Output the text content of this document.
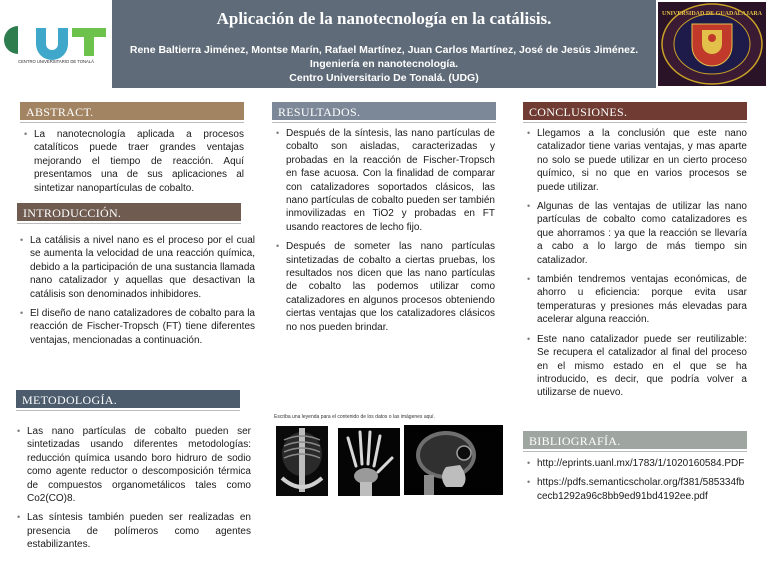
CENTRO UNIVERSITARIO DE TONALÁ
UNIVERSIDAD DE GUADALAJARA
Aplicación de la nanotecnología en la catálisis.
Rene Baltierra Jiménez, Montse Marín, Rafael Martínez, Juan Carlos Martínez, José de Jesús Jiménez.
Ingeniería en nanotecnología.
Centro Universitario De Tonalá. (UDG)
ABSTRACT.
• La nanotecnología aplicada a procesos catalíticos puede traer grandes ventajas mejorando el tiempo de reacción. Aquí presentamos una de sus aplicaciones al sintetizar nanopartículas de cobalto.
INTRODUCCIÓN.
• La catálisis a nivel nano es el proceso por el cual se aumenta la velocidad de una reacción química, debido a la participación de una sustancia llamada nano catalizador y aquellas que desactivan la catálisis son denominados inhibidores.
• El diseño de nano catalizadores de cobalto para la reacción de Fischer-Tropsch (FT) tiene diferentes ventajas, mencionadas a continuación.
METODOLOGÍA.
• Las nano partículas de cobalto pueden ser sintetizadas usando diferentes metodologías: reducción química usando boro hidruro de sodio como agente reductor o descomposición térmica de compuestos organometálicos tales como Co2(CO)8.
• Las síntesis también pueden ser realizadas en presencia de polímeros como agentes estabilizantes.
RESULTADOS.
• Después de la síntesis, las nano partículas de cobalto son aisladas, caracterizadas y probadas en la reacción de Fischer-Tropsch en fase acuosa. Con la finalidad de comparar con catalizadores soportados clásicos, las nano partículas de cobalto pueden ser también inmovilizadas en TiO2 y probadas en FT usando reactores de lecho fijo.
• Después de someter las nano partículas sintetizadas de cobalto a ciertas pruebas, los resultados nos dicen que las nano partículas de cobalto las podemos utilizar como catalizadores en algunos procesos obteniendo ciertas ventajas que los catalizadores clásicos no nos pueden brindar.
Escriba una leyenda para el contenido de los datos o las imágenes aquí.
CONCLUSIONES.
• Llegamos a la conclusión que este nano catalizador tiene varias ventajas, y mas aparte no solo se puede utilizar en un cierto proceso químico, si no que en varios procesos se puede utilizar.
• Algunas de las ventajas de utilizar las nano partículas de cobalto como catalizadores es que ahorramos : ya que la reacción se llevaría a cabo a lo largo de más tiempo sin catalizador.
• también tendremos ventajas económicas, de ahorro u eficiencia: porque evita usar temperaturas y presiones más elevadas para acelerar alguna reacción.
• Este nano catalizador puede ser reutilizable: Se recupera el catalizador al final del proceso en el mismo estado en el que se ha introducido, es decir, que podría volver a utilizarse de nuevo.
BIBLIOGRAFÍA.
• http://eprints.uanl.mx/1783/1/1020160584.PDF
• https://pdfs.semanticscholar.org/f381/585334fbcecb1292a96c8bb9ed91bd4192ee.pdf
